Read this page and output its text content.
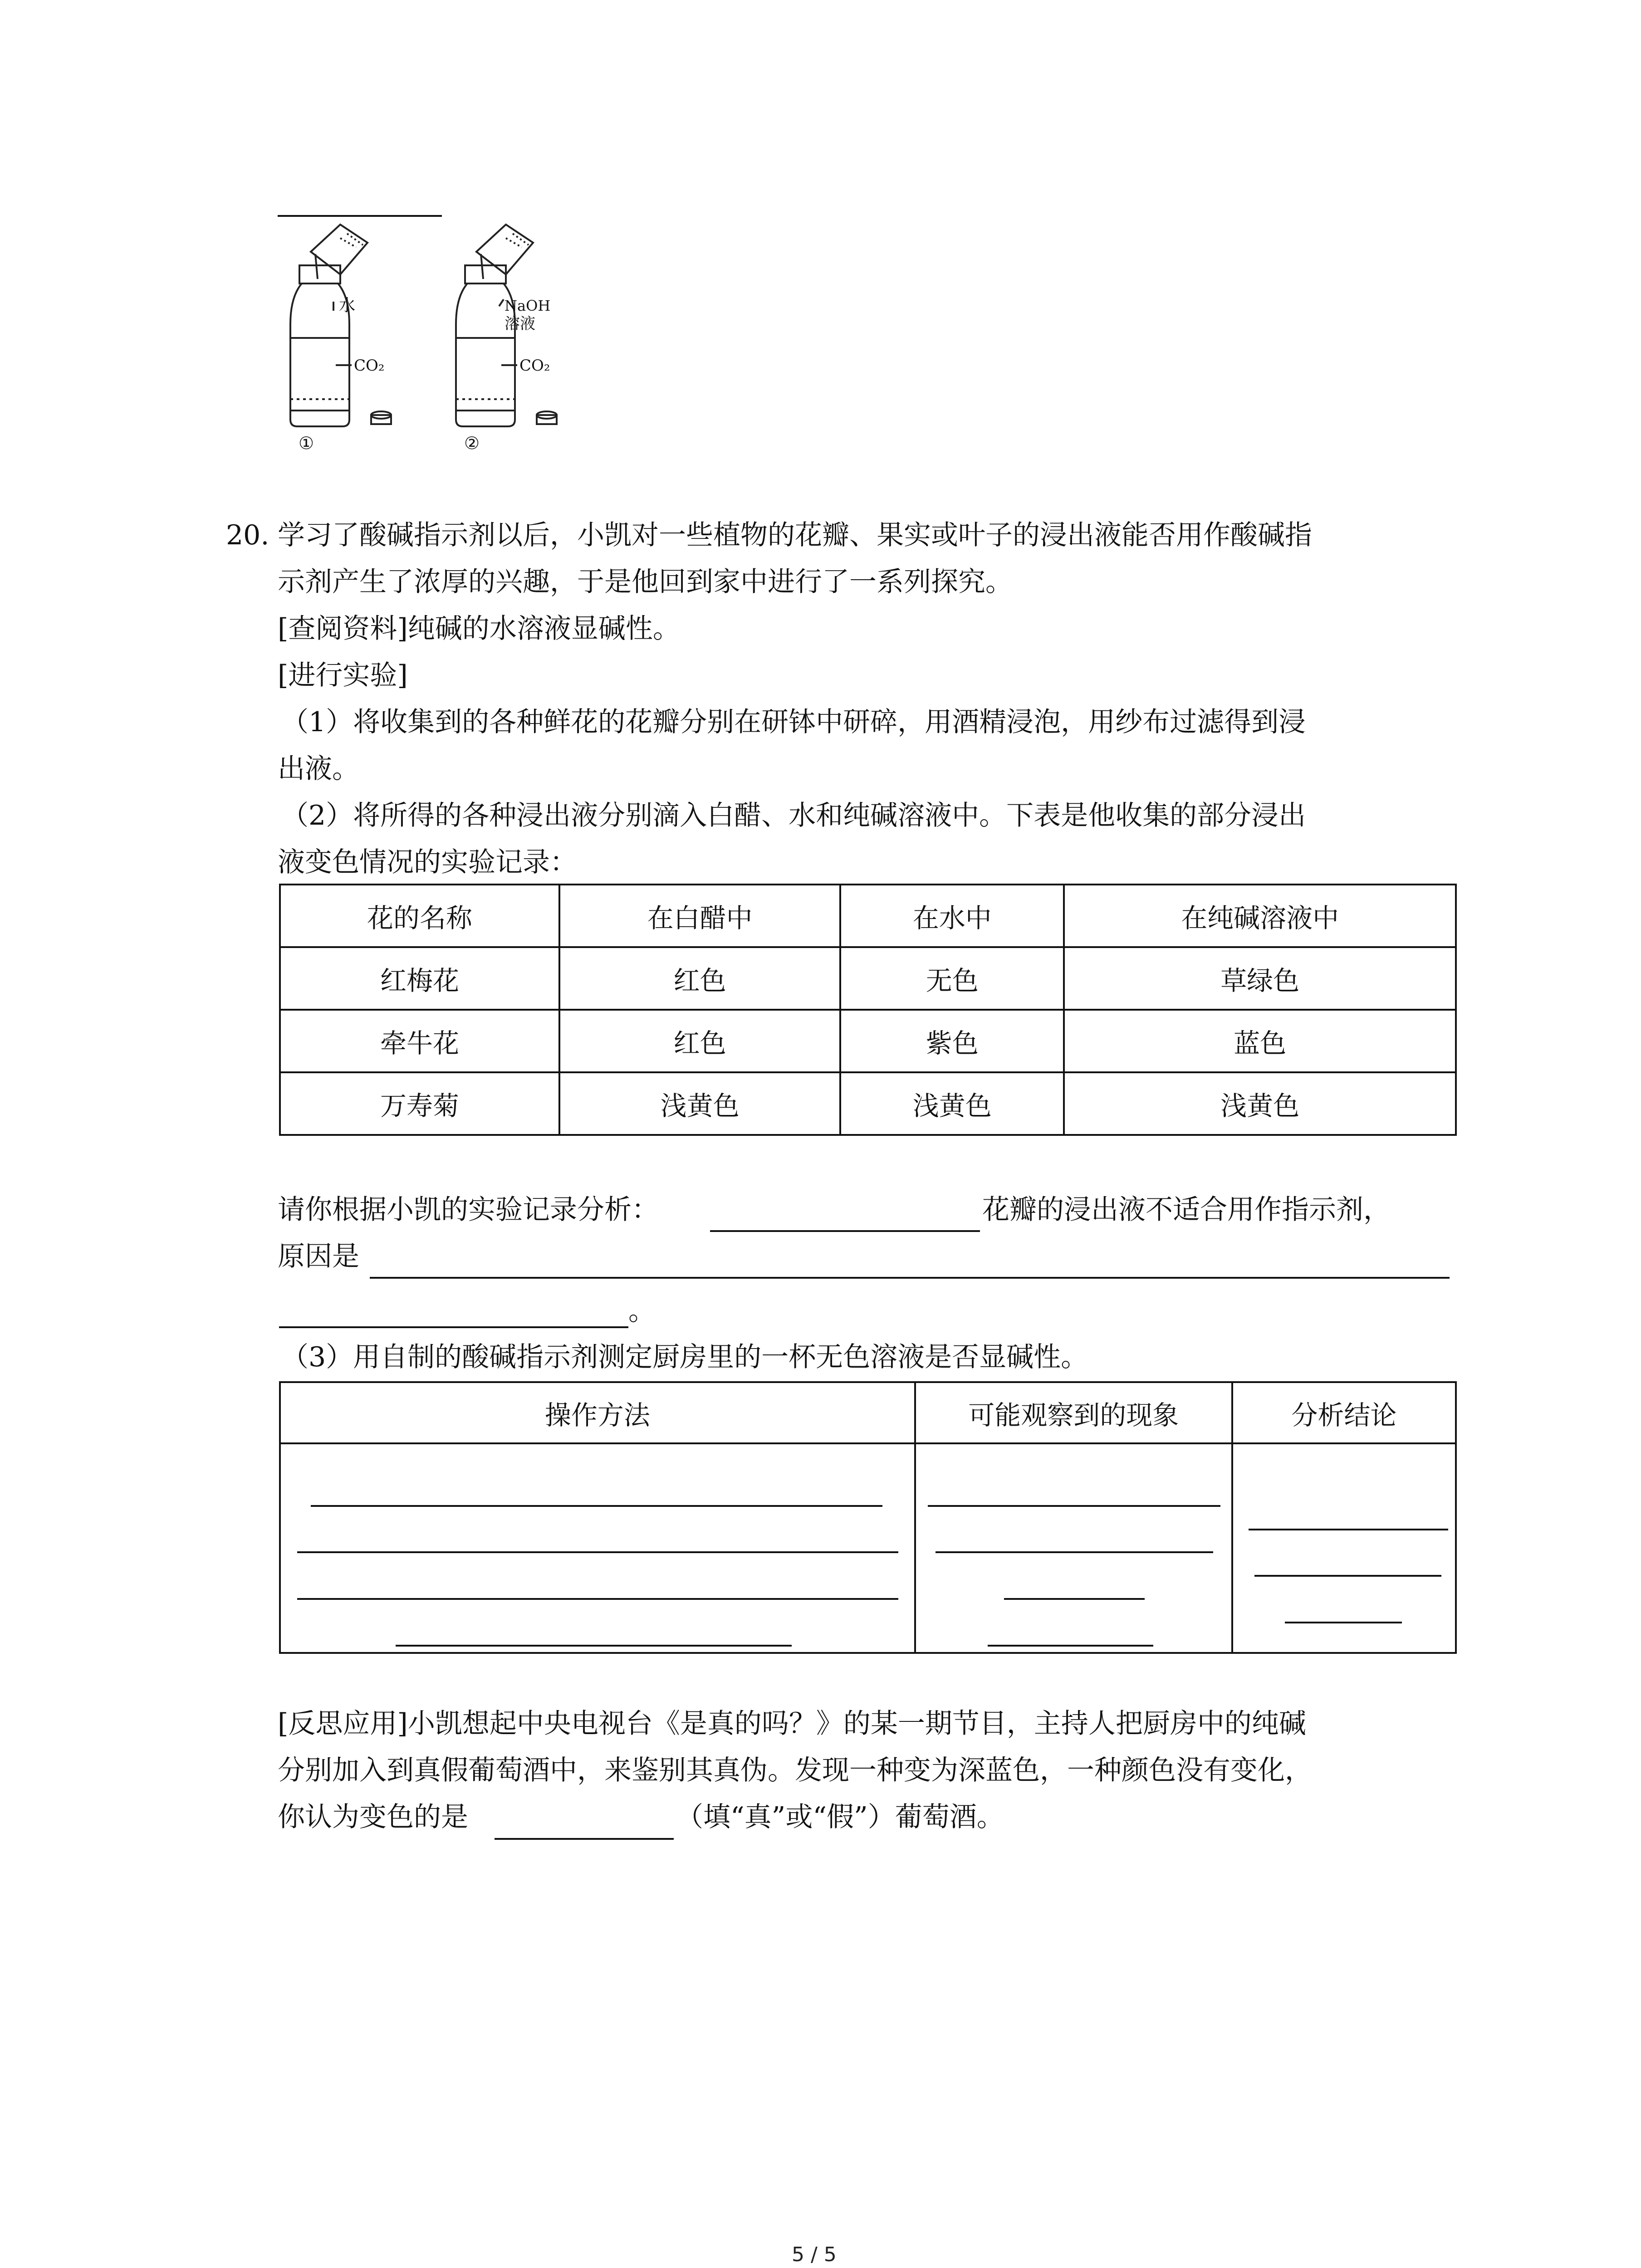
水
CO₂
①
NaOH
溶液
CO₂
②
20. 学习了酸碱指示剂以后，小凯对一些植物的花瓣、果实或叶子的浸出液能否用作酸碱指
示剂产生了浓厚的兴趣，于是他回到家中进行了一系列探究。
[查阅资料]纯碱的水溶液显碱性。
[进行实验]
（1）将收集到的各种鲜花的花瓣分别在研钵中研碎，用酒精浸泡，用纱布过滤得到浸
出液。
（2）将所得的各种浸出液分别滴入白醋、水和纯碱溶液中。下表是他收集的部分浸出
液变色情况的实验记录：
花的名称	在白醋中	在水中	在纯碱溶液中
红梅花	红色	无色	草绿色
牵牛花	红色	紫色	蓝色
万寿菊	浅黄色	浅黄色	浅黄色
请你根据小凯的实验记录分析：	花瓣的浸出液不适合用作指示剂，
原因是
。
（3）用自制的酸碱指示剂测定厨房里的一杯无色溶液是否显碱性。
操作方法	可能观察到的现象	分析结论

[反思应用]小凯想起中央电视台《是真的吗？》的某一期节目，主持人把厨房中的纯碱
分别加入到真假葡萄酒中，来鉴别其真伪。发现一种变为深蓝色，一种颜色没有变化，
你认为变色的是	（填“真”或“假”）葡萄酒。
5 / 5
